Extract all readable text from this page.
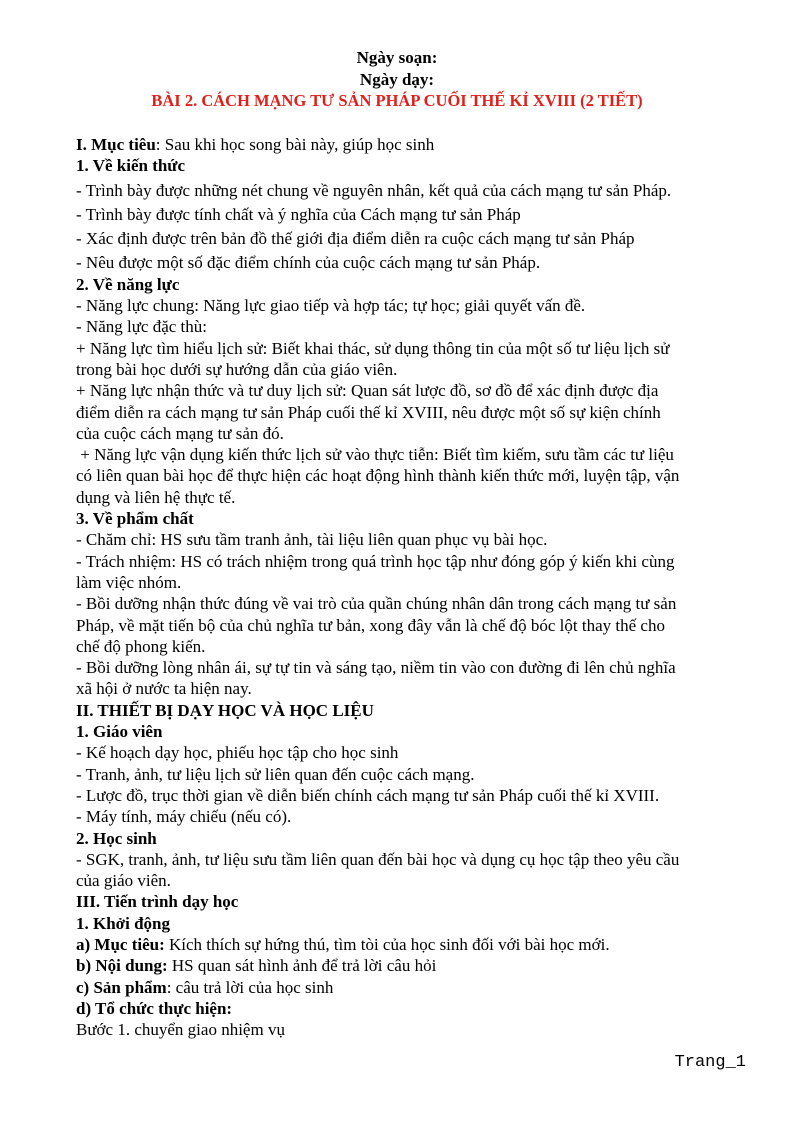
Ngày soạn:
Ngày dạy:
BÀI 2. CÁCH MẠNG TƯ SẢN PHÁP CUỐI THẾ KỈ XVIII (2 TIẾT)

I. Mục tiêu: Sau khi học song bài này, giúp học sinh

1. Về kiến thức

- Trình bày được những nét chung về nguyên nhân, kết quả của cách mạng tư sản Pháp.

- Trình bày được tính chất và ý nghĩa của Cách mạng tư sản Pháp

- Xác định được trên bản đồ thế giới địa điểm diễn ra cuộc cách mạng tư sản Pháp

- Nêu được một số đặc điểm chính của cuộc cách mạng tư sản Pháp.

2. Về năng lực

- Năng lực chung: Năng lực giao tiếp và hợp tác; tự học; giải quyết vấn đề.

- Năng lực đặc thù:

+ Năng lực tìm hiểu lịch sử: Biết khai thác, sử dụng thông tin của một số tư liệu lịch sử

trong bài học dưới sự hướng dẫn của giáo viên.

+ Năng lực nhận thức và tư duy lịch sử: Quan sát lược đồ, sơ đồ để xác định được địa

điểm diễn ra cách mạng tư sản Pháp cuối thế kỉ XVIII, nêu được một số sự kiện chính

của cuộc cách mạng tư sản đó.

+ Năng lực vận dụng kiến thức lịch sử vào thực tiễn: Biết tìm kiếm, sưu tầm các tư liệu

có liên quan bài học để thực hiện các hoạt động hình thành kiến thức mới, luyện tập, vận

dụng và liên hệ thực tế.

3. Về phẩm chất

- Chăm chỉ: HS sưu tầm tranh ảnh, tài liệu liên quan phục vụ bài học.

- Trách nhiệm: HS có trách nhiệm trong quá trình học tập như đóng góp ý kiến khi cùng

làm việc nhóm.

- Bồi dưỡng nhận thức đúng về vai trò của quần chúng nhân dân trong cách mạng tư sản

Pháp, về mặt tiến bộ của chủ nghĩa tư bản, xong đây vẫn là chế độ bóc lột thay thế cho

chế độ phong kiến.

- Bồi dưỡng lòng nhân ái, sự tự tin và sáng tạo, niềm tin vào con đường đi lên chủ nghĩa

xã hội ở nước ta hiện nay.

II. THIẾT BỊ DẠY HỌC VÀ HỌC LIỆU

1. Giáo viên

- Kế hoạch dạy học, phiếu học tập cho học sinh

- Tranh, ảnh, tư liệu lịch sử liên quan đến cuộc cách mạng.

- Lược đồ, trục thời gian về diễn biến chính cách mạng tư sản Pháp cuối thế kỉ XVIII.

- Máy tính, máy chiếu (nếu có).

2. Học sinh

- SGK, tranh, ảnh, tư liệu sưu tầm liên quan đến bài học và dụng cụ học tập theo yêu cầu

của giáo viên.

III. Tiến trình dạy học

1. Khởi động

a) Mục tiêu: Kích thích sự hứng thú, tìm tòi của học sinh đối với bài học mới.

b) Nội dung: HS quan sát hình ảnh để trả lời câu hỏi

c) Sản phẩm: câu trả lời của học sinh

d) Tổ chức thực hiện:

Bước 1. chuyển giao nhiệm vụ

Trang_1
